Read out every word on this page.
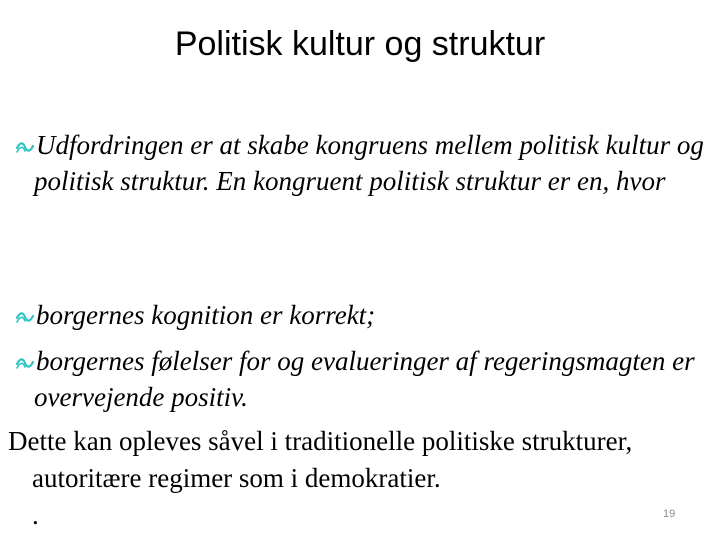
Politisk kultur og struktur
Udfordringen er at skabe kongruens mellem politisk kultur og politisk struktur. En kongruent politisk struktur er en, hvor
borgernes kognition er korrekt;
borgernes følelser for og evalueringer af regeringsmagten er overvejende positiv.
Dette kan opleves såvel i traditionelle politiske strukturer, autoritære regimer som i demokratier.
.	19
